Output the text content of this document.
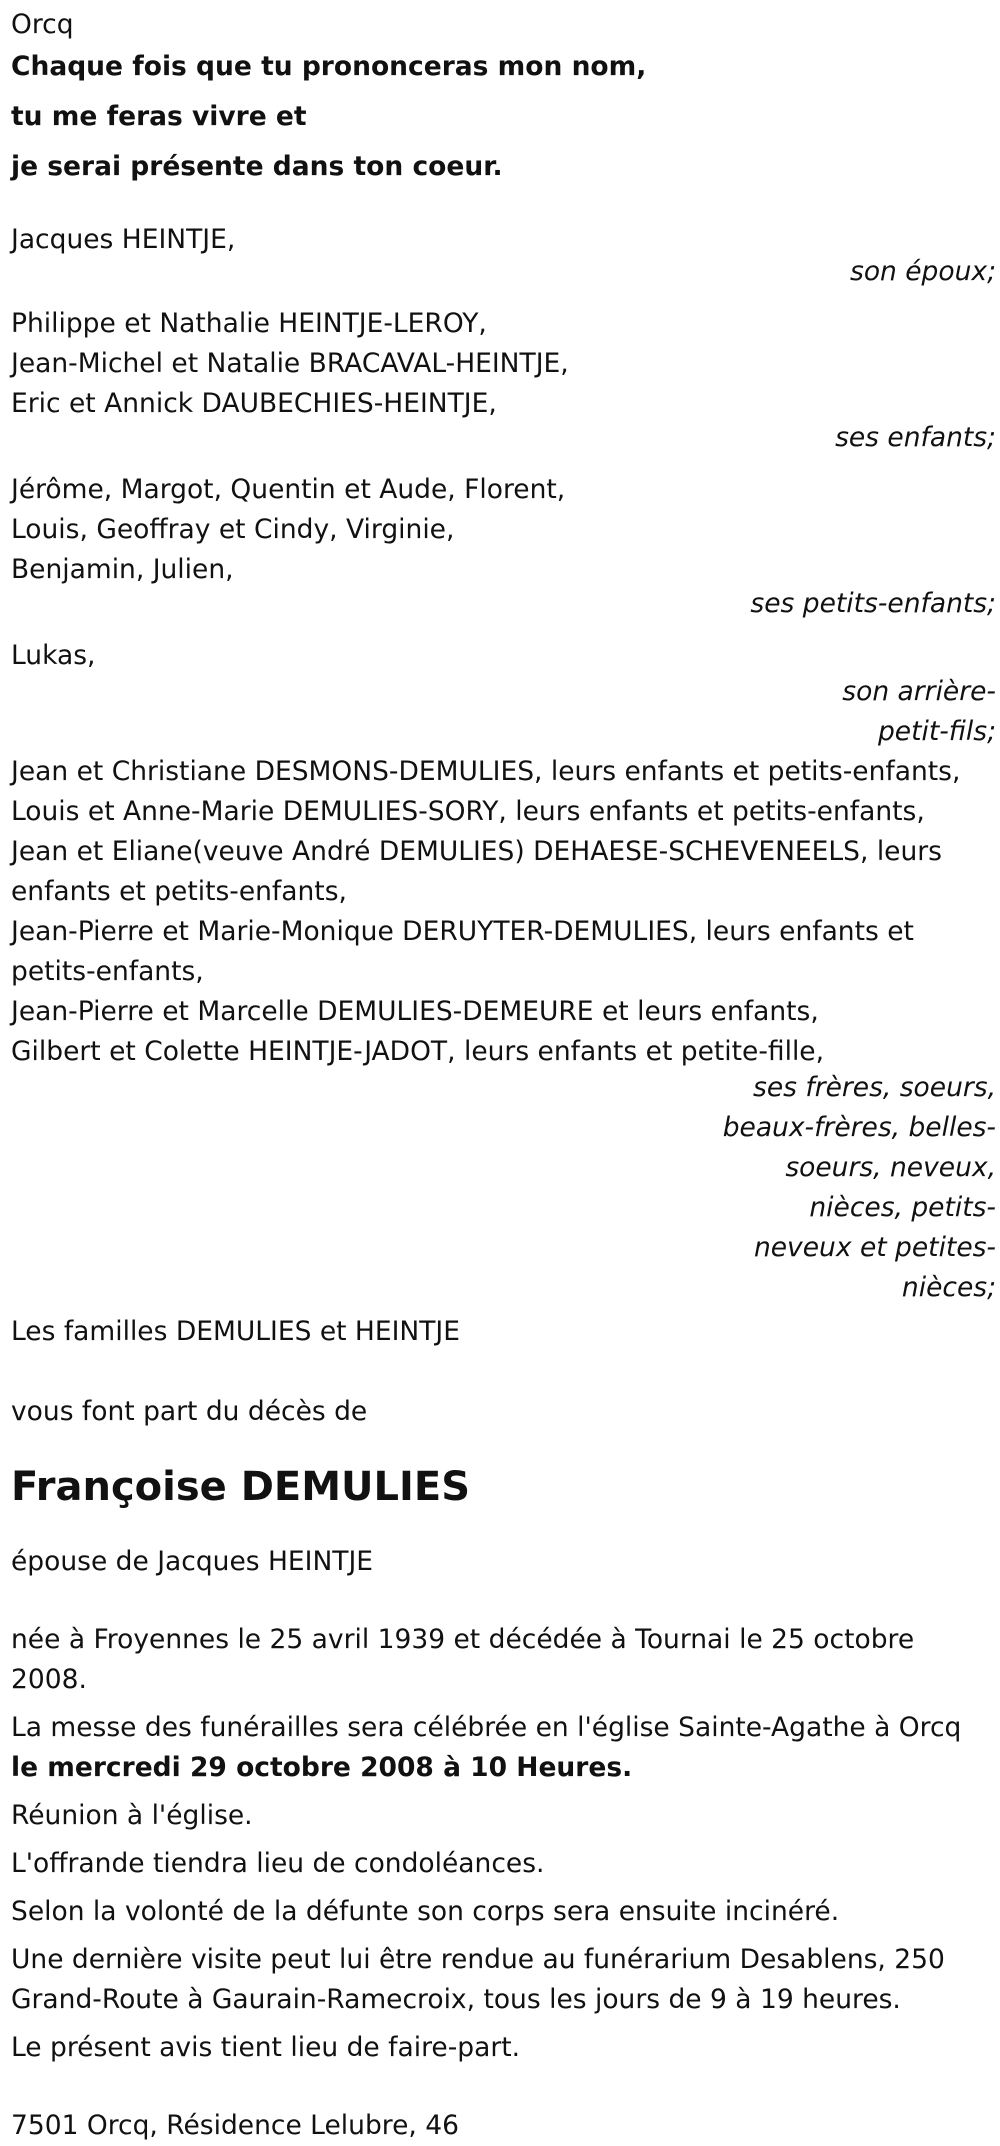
Orcq
Chaque fois que tu prononceras mon nom,
tu me feras vivre et
je serai présente dans ton coeur.
Jacques HEINTJE,
son époux;
Philippe et Nathalie HEINTJE-LEROY,
Jean-Michel et Natalie BRACAVAL-HEINTJE,
Eric et Annick DAUBECHIES-HEINTJE,
ses enfants;
Jérôme, Margot, Quentin et Aude, Florent,
Louis, Geoffray et Cindy, Virginie,
Benjamin, Julien,
ses petits-enfants;
Lukas,
son arrière-
petit-fils;
Jean et Christiane DESMONS-DEMULIES, leurs enfants et petits-enfants,
Louis et Anne-Marie DEMULIES-SORY, leurs enfants et petits-enfants,
Jean et Eliane(veuve André DEMULIES) DEHAESE-SCHEVENEELS, leurs enfants et petits-enfants,
Jean-Pierre et Marie-Monique DERUYTER-DEMULIES, leurs enfants et petits-enfants,
Jean-Pierre et Marcelle DEMULIES-DEMEURE et leurs enfants,
Gilbert et Colette HEINTJE-JADOT, leurs enfants et petite-fille,
ses frères, soeurs,
beaux-frères, belles-
soeurs, neveux,
nièces, petits-
neveux et petites-
nièces;
Les familles DEMULIES et HEINTJE
vous font part du décès de
Françoise DEMULIES
épouse de Jacques HEINTJE
née à Froyennes le 25 avril 1939 et décédée à Tournai le 25 octobre 2008.
La messe des funérailles sera célébrée en l'église Sainte-Agathe à Orcq le mercredi 29 octobre 2008 à 10 Heures.
Réunion à l'église.
L'offrande tiendra lieu de condoléances.
Selon la volonté de la défunte son corps sera ensuite incinéré.
Une dernière visite peut lui être rendue au funérarium Desablens, 250 Grand-Route à Gaurain-Ramecroix, tous les jours de 9 à 19 heures.
Le présent avis tient lieu de faire-part.
7501 Orcq, Résidence Lelubre, 46
